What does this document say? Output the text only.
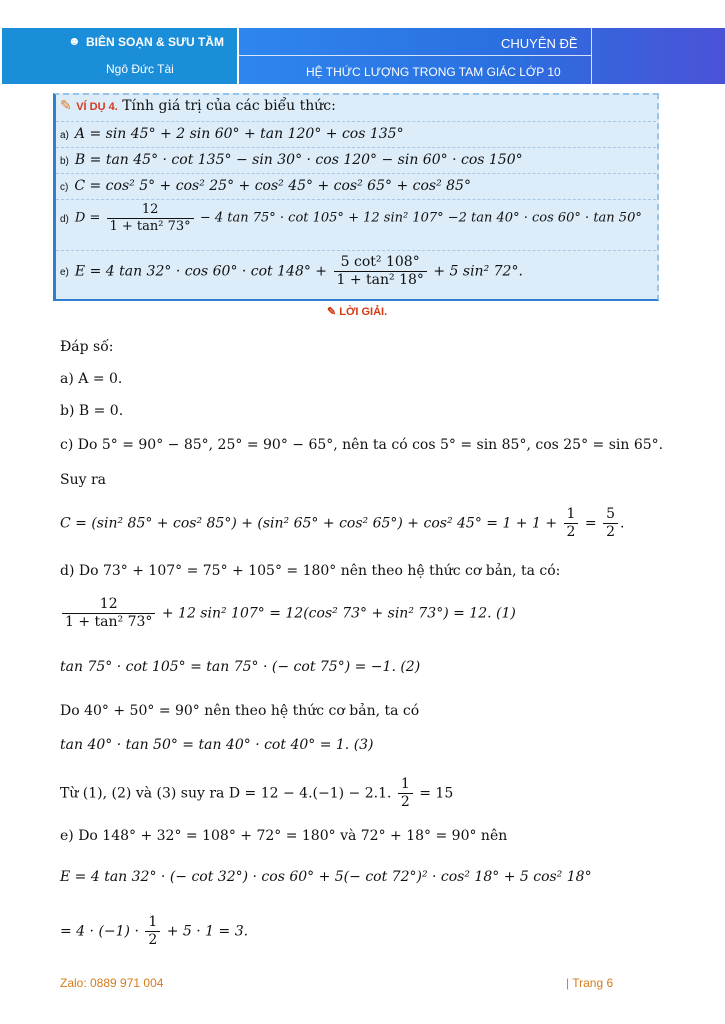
☻ BIÊN SOẠN & SƯU TẦM
Ngô Đức Tài
CHUYÊN ĐỀ
HỆ THỨC LƯỢNG TRONG TAM GIÁC LỚP 10
✎ VÍ DỤ 4. Tính giá trị của các biểu thức:
a) A = sin 45° + 2 sin 60° + tan 120° + cos 135°
b) B = tan 45° · cot 135° − sin 30° · cos 120° − sin 60° · cos 150°
c) C = cos² 5° + cos² 25° + cos² 45° + cos² 65° + cos² 85°
d) $D = \frac{12}{\text{1 + tan² 73°}} - 4$ tan 75° · cot 105° + 12 sin² 107° −2 tan 40° · cos 60° · tan 50°
e) E = 4 $\tan 32^\circ \cdot \cos 60^\circ \cdot \cot 148^\circ + \frac{\text{5 cot² 108°}}{\text{1 + tan² 18°}} + 5$ sin² 72°.
✎ LỜI GIẢI.
Đáp số:
a) A = 0.
b) B = 0.
c) Do 5° = 90° − 85°, 25° = 90° − 65°, nên ta có cos 5° = sin 85°, cos 25° = sin 65°.
Suy ra
C = (sin² 85° + cos² 85°) + (sin² 65° + cos² 65°) + cos² $45^\circ = 1 + 1 + \frac{1}{2} = \frac{5}{2}$ .
d) Do 73° + 107° = 75° + 105° = 180° nên theo hệ thức cơ bản, ta có:
$\frac{12}{\text{1 + tan² 73°}} + 12$ sin² 107° = 12(cos² 73° + sin² 73°) = 12. (1)
tan 75° · cot 105° = tan 75° · (− cot 75°) = −1. (2)
Do 40° + 50° = 90° nên theo hệ thức cơ bản, ta có
tan 40° · tan 50° = tan 40° · cot 40° = 1. (3)
Từ (1), (2) và (3) suy ra D = 12 − 4.(−1) − 2.1. $\frac{1}{2} = 15$
e) Do 148° + 32° = 108° + 72° = 180° và 72° + 18° = 90° nên
E = 4 tan 32° · (− cot 32°) · cos 60° + 5(− cot 72°)² · cos² 18° + 5 cos² 18°
= $4 \cdot (-1) \cdot \frac{1}{2} + 5 \cdot 1 = 3$.
Zalo: 0889 971 004	| Trang 6
